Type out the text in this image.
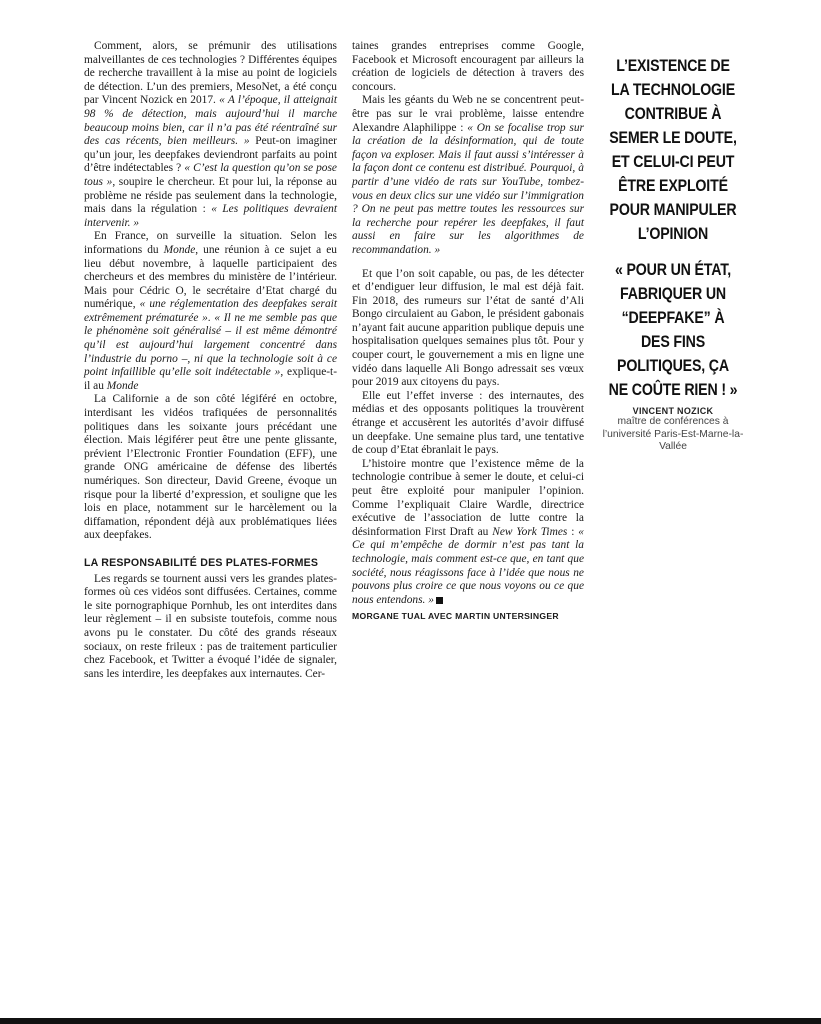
Comment, alors, se prémunir des utilisations malveillantes de ces technologies ? Différentes équipes de recherche travaillent à la mise au point de logiciels de détection. L’un des premiers, MesoNet, a été conçu par Vincent Nozick en 2017. « A l’époque, il atteignait 98 % de détection, mais aujourd’hui il marche beaucoup moins bien, car il n’a pas été réentraîné sur des cas récents, bien meilleurs. » Peut-on imaginer qu’un jour, les deepfakes deviendront parfaits au point d’être indétectables ? « C’est la question qu’on se pose tous », soupire le chercheur. Et pour lui, la réponse au problème ne réside pas seulement dans la technologie, mais dans la régulation : « Les politiques devraient intervenir. »

En France, on surveille la situation. Selon les informations du Monde, une réunion à ce sujet a eu lieu début novembre, à laquelle participaient des chercheurs et des membres du ministère de l’intérieur. Mais pour Cédric O, le secrétaire d’Etat chargé du numérique, « une réglementation des deepfakes serait extrêmement prématurée ». « Il ne me semble pas que le phénomène soit généralisé – il est même démontré qu’il est aujourd’hui largement concentré dans l’industrie du porno –, ni que la technologie soit à ce point infaillible qu’elle soit indétectable », explique-t-il au Monde

La Californie a de son côté légiféré en octobre, interdisant les vidéos trafiquées de personnalités politiques dans les soixante jours précédant une élection. Mais légiférer peut être une pente glissante, prévient l’Electronic Frontier Foundation (EFF), une grande ONG américaine de défense des libertés numériques. Son directeur, David Greene, évoque un risque pour la liberté d’expression, et souligne que les lois en place, notamment sur le harcèlement ou la diffamation, répondent déjà aux problématiques liées aux deepfakes.

LA RESPONSABILITÉ DES PLATES-FORMES

Les regards se tournent aussi vers les grandes plates-formes où ces vidéos sont diffusées. Certaines, comme le site pornographique Pornhub, les ont interdites dans leur règlement – il en subsiste toutefois, comme nous avons pu le constater. Du côté des grands réseaux sociaux, on reste frileux : pas de traitement particulier chez Facebook, et Twitter a évoqué l’idée de signaler, sans les interdire, les deepfakes aux internautes. Cer-

taines grandes entreprises comme Google, Facebook et Microsoft encouragent par ailleurs la création de logiciels de détection à travers des concours.

Mais les géants du Web ne se concentrent peut-être pas sur le vrai problème, laisse entendre Alexandre Alaphilippe : « On se focalise trop sur la création de la désinformation, qui de toute façon va exploser. Mais il faut aussi s’intéresser à la façon dont ce contenu est distribué. Pourquoi, à partir d’une vidéo de rats sur YouTube, tombez-vous en deux clics sur une vidéo sur l’immigration ? On ne peut pas mettre toutes les ressources sur la recherche pour repérer les deepfakes, il faut aussi en faire sur les algorithmes de recommandation. »

Et que l’on soit capable, ou pas, de les détecter et d’endiguer leur diffusion, le mal est déjà fait. Fin 2018, des rumeurs sur l’état de santé d’Ali Bongo circulaient au Gabon, le président gabonais n’ayant fait aucune apparition publique depuis une hospitalisation quelques semaines plus tôt. Pour y couper court, le gouvernement a mis en ligne une vidéo dans laquelle Ali Bongo adressait ses vœux pour 2019 aux citoyens du pays.

Elle eut l’effet inverse : des internautes, des médias et des opposants politiques la trouvèrent étrange et accusèrent les autorités d’avoir diffusé un deepfake. Une semaine plus tard, une tentative de coup d’Etat ébranlait le pays.

L’histoire montre que l’existence même de la technologie contribue à semer le doute, et celui-ci peut être exploité pour manipuler l’opinion. Comme l’expliquait Claire Wardle, directrice exécutive de l’association de lutte contre la désinformation First Draft au New York Times : « Ce qui m’empêche de dormir n’est pas tant la technologie, mais comment est-ce que, en tant que société, nous réagissons face à l’idée que nous ne pouvons plus croire ce que nous voyons ou ce que nous entendons. »

MORGANE TUAL AVEC MARTIN UNTERSINGER
L’EXISTENCE DE LA TECHNOLOGIE CONTRIBUE À SEMER LE DOUTE, ET CELUI-CI PEUT ÊTRE EXPLOITÉ POUR MANIPULER L’OPINION
« POUR UN ÉTAT, FABRIQUER UN “DEEPFAKE” À DES FINS POLITIQUES, ÇA NE COÛTE RIEN ! »
VINCENT NOZICK
maître de conférences à l’université Paris-Est-Marne-la-Vallée
